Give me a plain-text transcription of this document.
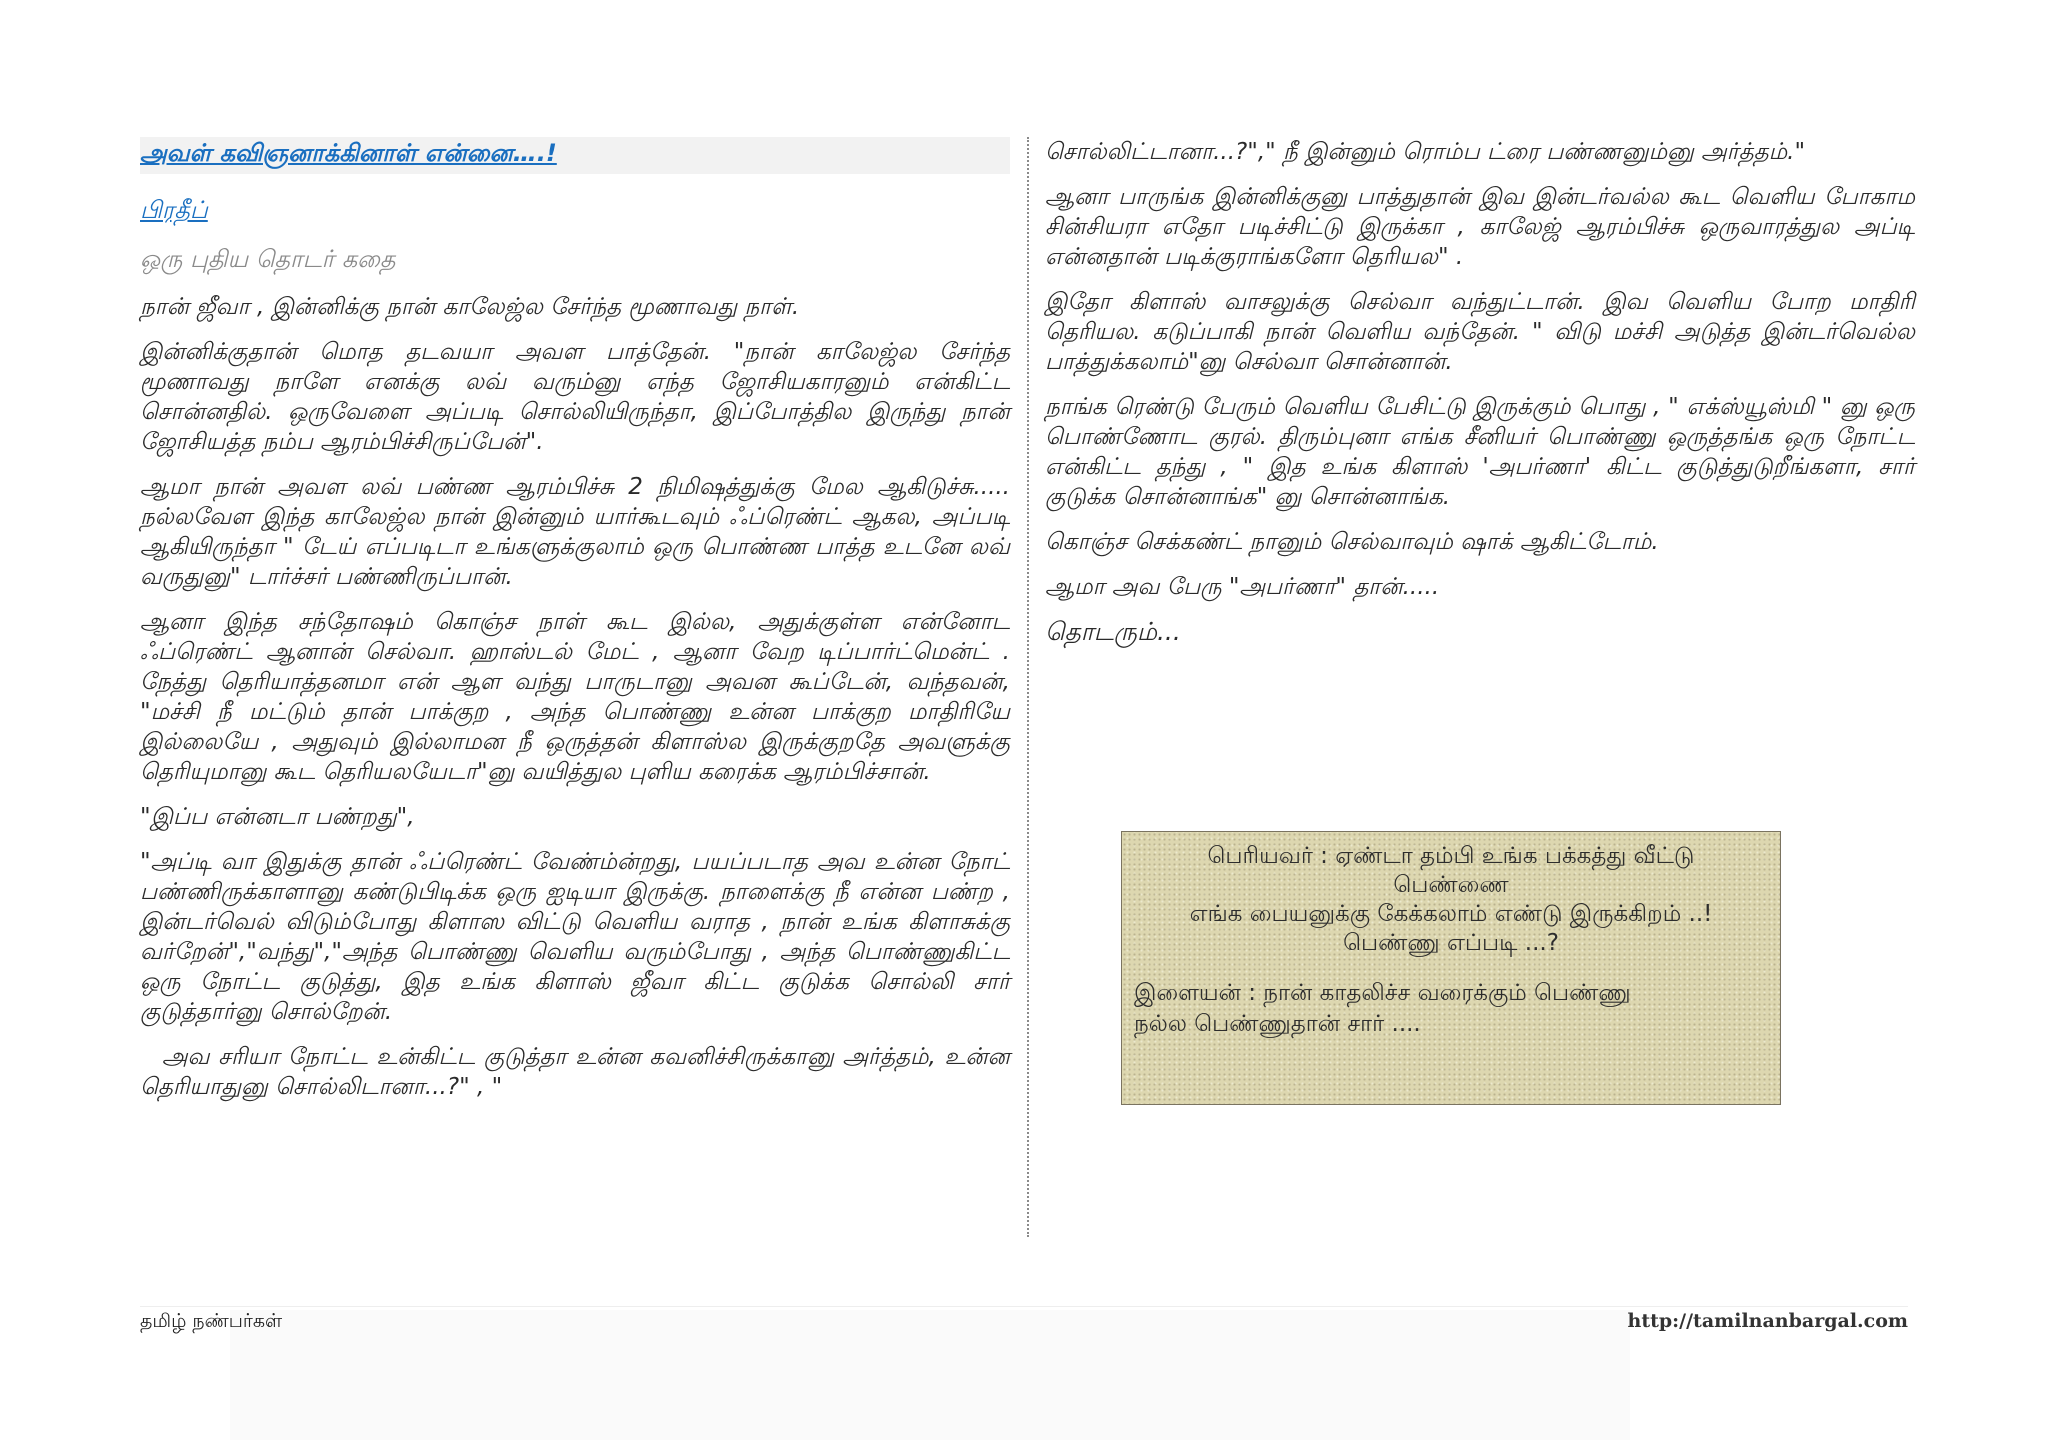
அவள் கவிஞனாக்கினாள் என்னை….!
பிரதீப்
ஒரு புதிய தொடர் கதை

நான் ஜீவா , இன்னிக்கு நான் காலேஜ்ல சேர்ந்த மூணாவது நாள்.

இன்னிக்குதான் மொத தடவயா அவள பாத்தேன். "நான் காலேஜ்ல சேர்ந்த மூணாவது நாளே எனக்கு லவ் வரும்னு எந்த ஜோசியகாரனும் என்கிட்ட சொன்னதில். ஒருவேளை அப்படி சொல்லியிருந்தா, இப்போத்தில இருந்து நான் ஜோசியத்த நம்ப ஆரம்பிச்சிருப்பேன்".

ஆமா நான் அவள லவ் பண்ண ஆரம்பிச்சு 2 நிமிஷத்துக்கு மேல ஆகிடுச்சு..... நல்லவேள இந்த காலேஜ்ல நான் இன்னும் யார்கூடவும் ஃப்ரெண்ட் ஆகல, அப்படி ஆகியிருந்தா " டேய் எப்படிடா உங்களுக்குலாம் ஒரு பொண்ண பாத்த உடனே லவ் வருதுனு" டார்ச்சர் பண்ணிருப்பான்.

ஆனா இந்த சந்தோஷம் கொஞ்ச நாள் கூட இல்ல, அதுக்குள்ள என்னோட ஃப்ரெண்ட் ஆனான் செல்வா. ஹாஸ்டல் மேட் , ஆனா வேற டிப்பார்ட்மென்ட் . நேத்து தெரியாத்தனமா என் ஆள வந்து பாருடானு அவன கூப்டேன், வந்தவன், "மச்சி நீ மட்டும் தான் பாக்குற , அந்த பொண்ணு உன்ன பாக்குற மாதிரியே இல்லையே , அதுவும் இல்லாமன நீ ஒருத்தன் கிளாஸ்ல இருக்குறதே அவளுக்கு தெரியுமானு கூட தெரியலயேடா"னு வயித்துல புளிய கரைக்க ஆரம்பிச்சான்.

"இப்ப என்னடா பண்றது",

"அப்டி வா இதுக்கு தான் ஃப்ரெண்ட் வேண்ம்ன்றது, பயப்படாத அவ உன்ன நோட் பண்ணிருக்காளானு கண்டுபிடிக்க ஒரு ஐடியா இருக்கு. நாளைக்கு நீ என்ன பண்ற , இன்டர்வெல் விடும்போது கிளாஸ விட்டு வெளிய வராத , நான் உங்க கிளாசுக்கு வர்றேன்","வந்து","அந்த பொண்ணு வெளிய வரும்போது , அந்த பொண்ணுகிட்ட ஒரு நோட்ட குடுத்து, இத உங்க கிளாஸ் ஜீவா கிட்ட குடுக்க சொல்லி சார் குடுத்தார்னு சொல்றேன்.

அவ சரியா நோட்ட உன்கிட்ட குடுத்தா உன்ன கவனிச்சிருக்கானு அர்த்தம், உன்ன தெரியாதுனு சொல்லிடானா...?" , "

சொல்லிட்டானா...?"," நீ இன்னும் ரொம்ப ட்ரை பண்ணனும்னு அர்த்தம்."

ஆனா பாருங்க இன்னிக்குனு பாத்துதான் இவ இன்டர்வல்ல கூட வெளிய போகாம சின்சியரா எதோ படிச்சிட்டு இருக்கா , காலேஜ் ஆரம்பிச்சு ஒருவாரத்துல அப்டி என்னதான் படிக்குராங்களோ தெரியல" .

இதோ கிளாஸ் வாசலுக்கு செல்வா வந்துட்டான். இவ வெளிய போற மாதிரி தெரியல. கடுப்பாகி நான் வெளிய வந்தேன். " விடு மச்சி அடுத்த இன்டர்வெல்ல பாத்துக்கலாம்"னு செல்வா சொன்னான்.

நாங்க ரெண்டு பேரும் வெளிய பேசிட்டு இருக்கும் பொது , " எக்ஸ்யூஸ்மி " னு ஒரு பொண்ணோட குரல். திரும்புனா எங்க சீனியர் பொண்ணு ஒருத்தங்க ஒரு நோட்ட என்கிட்ட தந்து , " இத உங்க கிளாஸ் 'அபர்ணா' கிட்ட குடுத்துடுறீங்களா, சார் குடுக்க சொன்னாங்க" னு சொன்னாங்க.

கொஞ்ச செக்கண்ட் நானும் செல்வாவும் ஷாக் ஆகிட்டோம்.

ஆமா அவ பேரு "அபர்ணா" தான்.....

தொடரும்...

பெரியவர் : ஏண்டா தம்பி உங்க பக்கத்து வீட்டு
பெண்ணை
எங்க பையனுக்கு கேக்கலாம் எண்டு இருக்கிறம் ..!
பெண்ணு எப்படி ...?
இளையன் : நான் காதலிச்ச வரைக்கும் பெண்ணு
நல்ல பெண்ணுதான் சார் ....
தமிழ் நண்பர்கள்	http://tamilnanbargal.com
